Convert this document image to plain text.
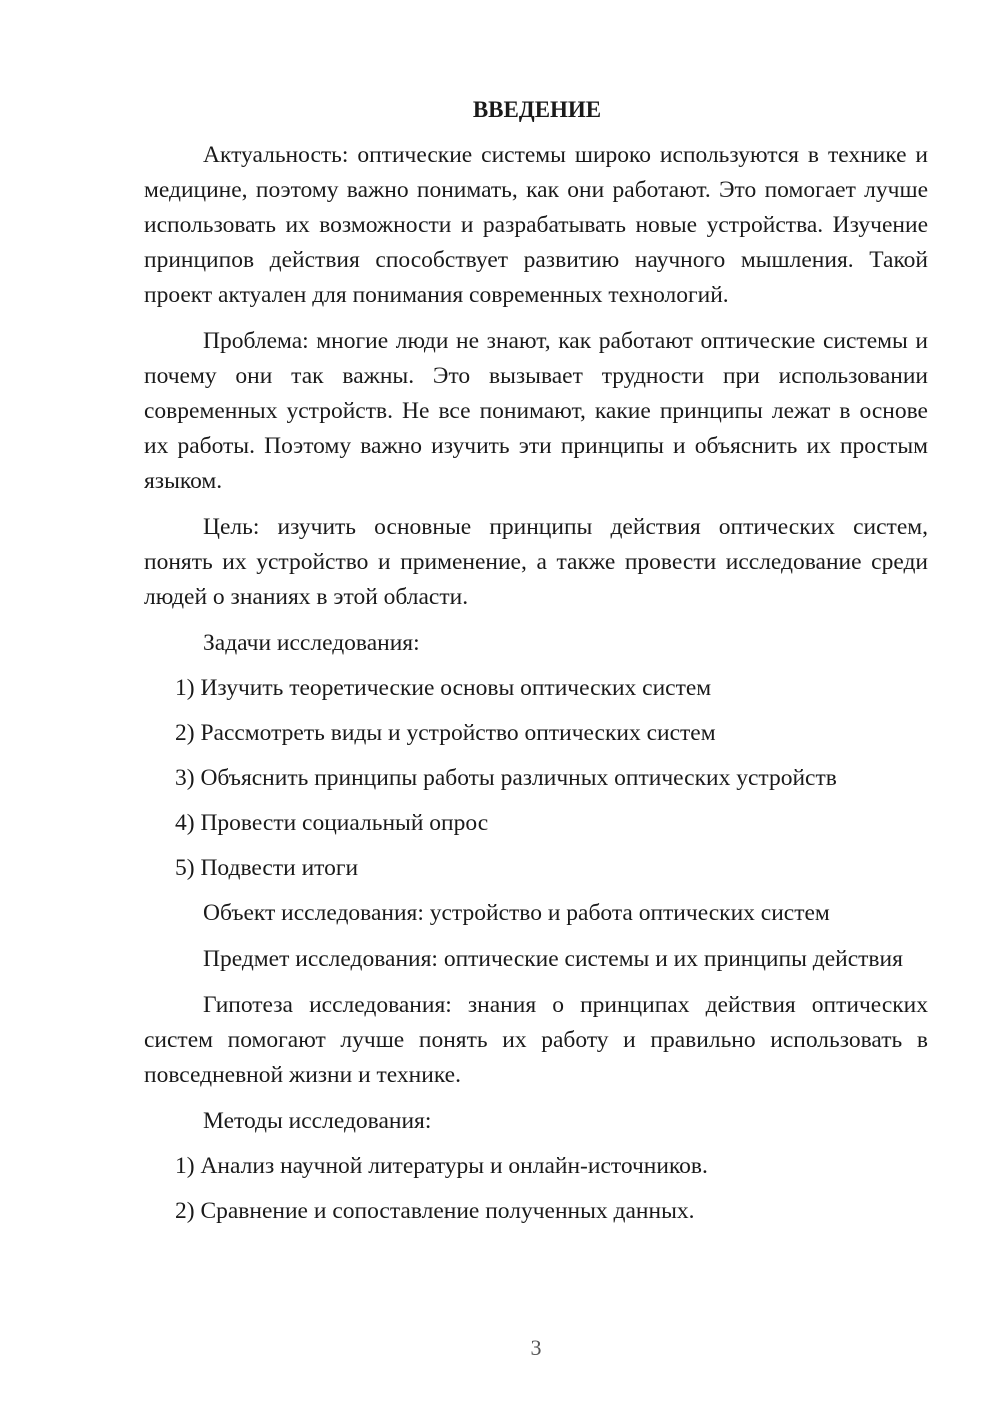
ВВЕДЕНИЕ

Актуальность: оптические системы широко используются в технике и медицине, поэтому важно понимать, как они работают. Это помогает лучше использовать их возможности и разрабатывать новые устройства. Изучение принципов действия способствует развитию научного мышления. Такой проект актуален для понимания современных технологий.

Проблема: многие люди не знают, как работают оптические системы и почему они так важны. Это вызывает трудности при использовании современных устройств. Не все понимают, какие принципы лежат в основе их работы. Поэтому важно изучить эти принципы и объяснить их простым языком.

Цель: изучить основные принципы действия оптических систем, понять их устройство и применение, а также провести исследование среди людей о знаниях в этой области.

Задачи исследования:

1) Изучить теоретические основы оптических систем

2) Рассмотреть виды и устройство оптических систем

3) Объяснить принципы работы различных оптических устройств

4) Провести социальный опрос

5) Подвести итоги

Объект исследования: устройство и работа оптических систем

Предмет исследования: оптические системы и их принципы действия

Гипотеза исследования: знания о принципах действия оптических систем помогают лучше понять их работу и правильно использовать в повседневной жизни и технике.

Методы исследования:

1) Анализ научной литературы и онлайн-источников.

2) Сравнение и сопоставление полученных данных.

3
